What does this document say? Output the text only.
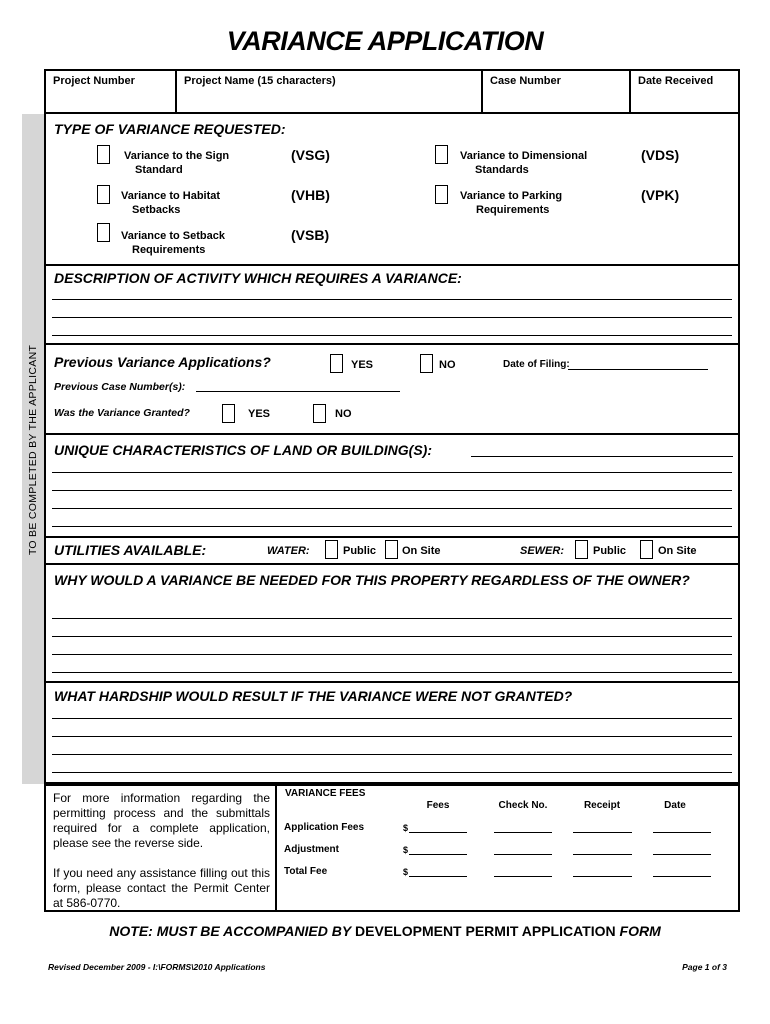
VARIANCE APPLICATION
Project Number	Project Name (15 characters)	Case Number	Date Received
TO BE COMPLETED BY THE APPLICANT
TYPE OF VARIANCE REQUESTED:
Variance to the Sign
Standard
(VSG)
Variance to Habitat
Setbacks
(VHB)
Variance to Setback
Requirements
(VSB)
Variance to Dimensional
Standards
(VDS)
Variance to Parking
Requirements
(VPK)
DESCRIPTION OF ACTIVITY WHICH REQUIRES A VARIANCE:
Previous Variance Applications?	YES	NO	Date of Filing:
Previous Case Number(s):
Was the Variance Granted?	YES	NO
UNIQUE CHARACTERISTICS OF LAND OR BUILDING(S):
UTILITIES AVAILABLE:	WATER:	Public On Site	SEWER:	Public	On Site
WHY WOULD A VARIANCE BE NEEDED FOR THIS PROPERTY REGARDLESS OF THE OWNER?
WHAT HARDSHIP WOULD RESULT IF THE VARIANCE WERE NOT GRANTED?
For more information regarding the permitting process and the submittals required for a complete application, please see the reverse side.
If you need any assistance filling out this form, please contact the Permit Center at 586-0770.
VARIANCE FEES
Fees	Check No.	Receipt	Date
Application Fees	$
Adjustment	$
Total Fee	$
NOTE: MUST BE ACCOMPANIED BY DEVELOPMENT PERMIT APPLICATION FORM
Revised December 2009 - I:\FORMS\2010 Applications	Page 1 of 3
